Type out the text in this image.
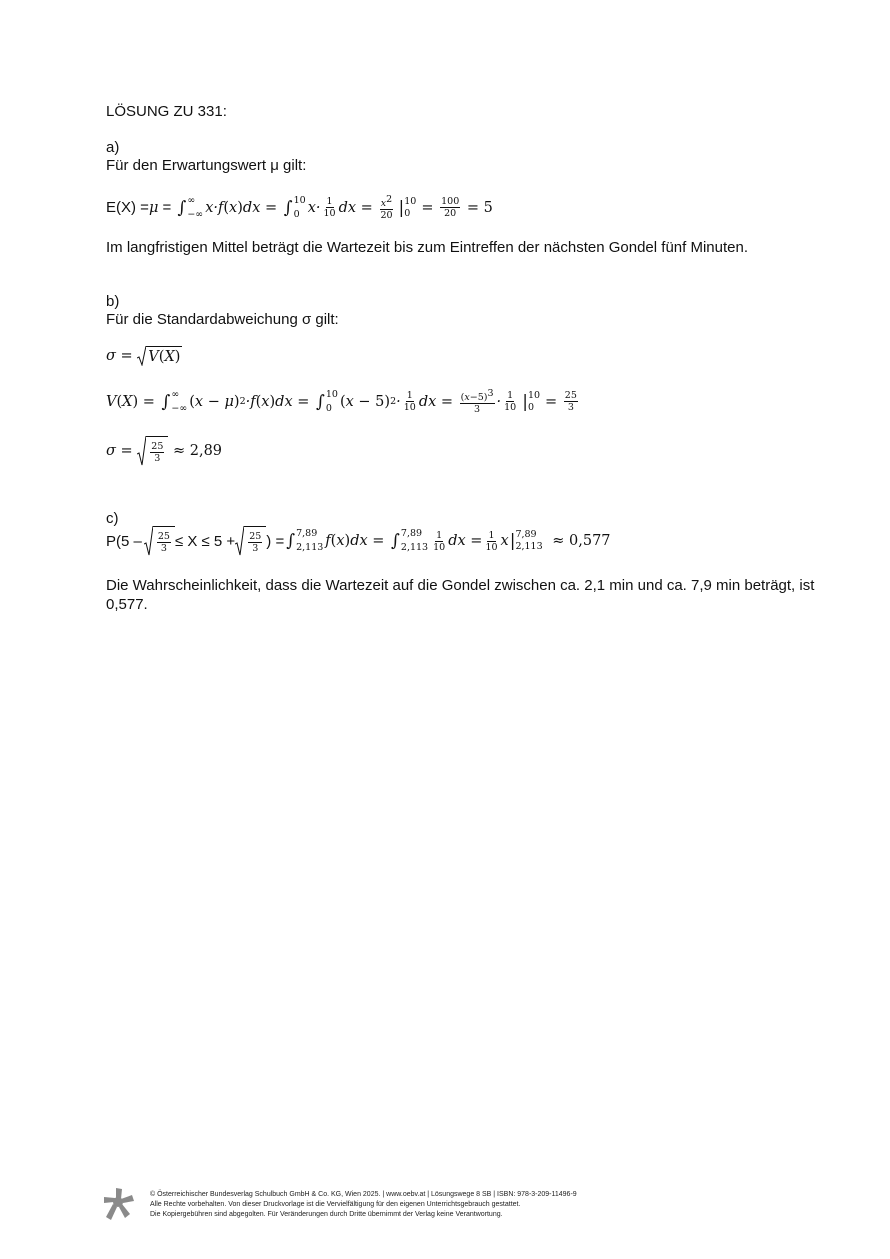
LÖSUNG ZU 331:
a)
Für den Erwartungswert μ gilt:
E(X) = μ = ∫ ∞
−∞ x·f ( x ) dx = ∫ 10
0 $x\cdot \frac{1}{10}$ dx = $\frac{x^2}{20}$ | 10
$0 = \frac{100}{20} = 5$
Im langfristigen Mittel beträgt die Wartezeit bis zum Eintreffen der nächsten Gondel fünf Minuten.
b)
Für die Standardabweichung σ gilt:
σ = V ( X )
V ( X ) = ∫ ∞
−∞ ( x − μ ) 2 ·f ( x ) dx = ∫ 10
0 ( x − 5) $2 \cdot \frac{1}{10}$ dx = $\frac{(x-5)^3}{3} \cdot \frac{1}{10}$ | 10
$0 = \frac{25}{3}$
$\sigma = \frac{25}{3} \approx 2,89$
c)
$P(5 - \frac{25}{3} \le X \le 5 + \frac{25}{3}$ ) = ∫ 7,89
2,113 f ( x ) dx = ∫ 7,89
$2,113 \frac{1}{10}$ dx = $\frac{1}{10}$ x | 7,89
2,113 ≈ 0,577
Die Wahrscheinlichkeit, dass die Wartezeit auf die Gondel zwischen ca. 2,1 min und ca. 7,9 min beträgt, ist
0,577.
© Österreichischer Bundesverlag Schulbuch GmbH & Co. KG, Wien 2025. | www.oebv.at | Lösungswege 8 SB | ISBN: 978-3-209-11496-9
Alle Rechte vorbehalten. Von dieser Druckvorlage ist die Vervielfältigung für den eigenen Unterrichtsgebrauch gestattet.
Die Kopiergebühren sind abgegolten. Für Veränderungen durch Dritte übernimmt der Verlag keine Verantwortung.
